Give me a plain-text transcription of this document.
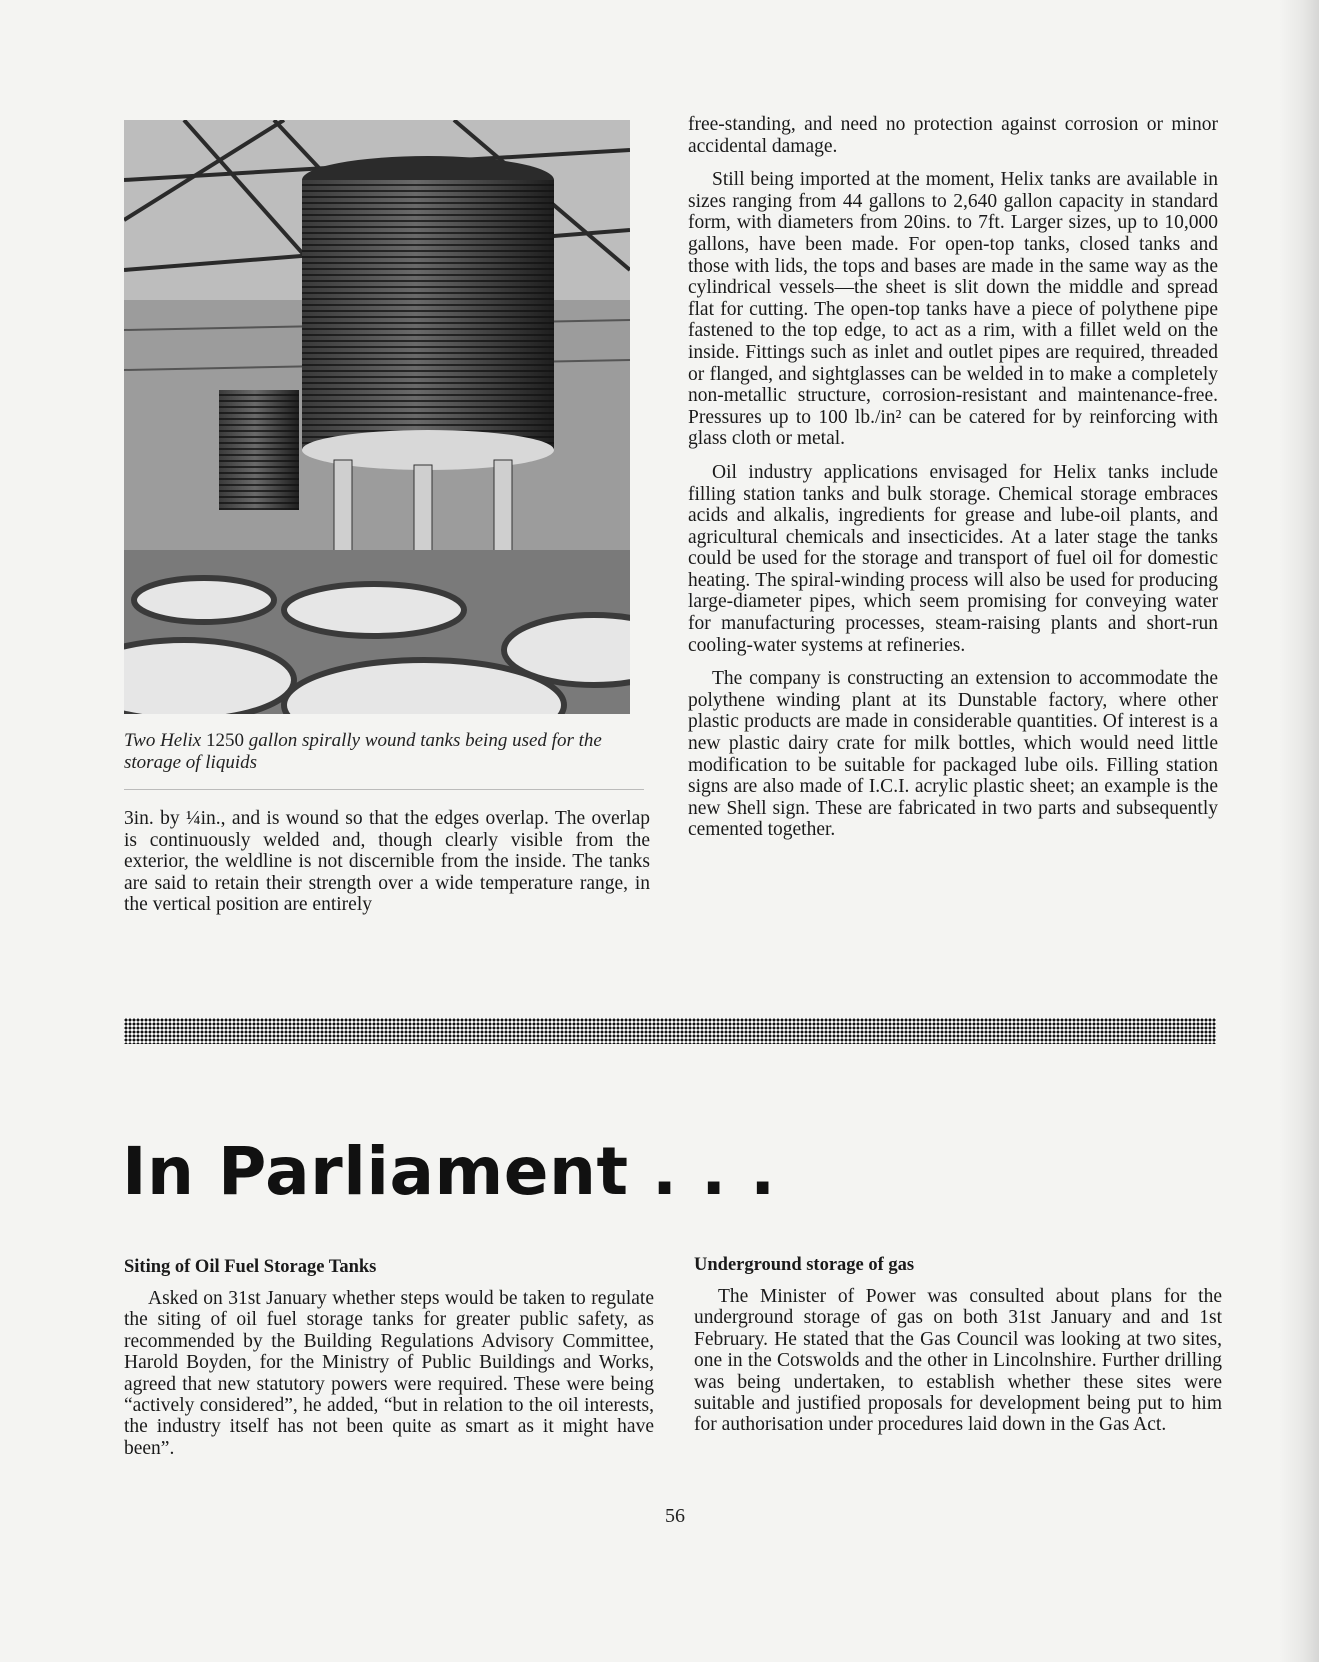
Two Helix 1250 gallon spirally wound tanks being used for the storage of liquids
3in. by ¼in., and is wound so that the edges overlap. The overlap is continuously welded and, though clearly visible from the exterior, the weldline is not discernible from the inside. The tanks are said to retain their strength over a wide temperature range, in the vertical position are entirely

free-standing, and need no protection against corrosion or minor accidental damage.

Still being imported at the moment, Helix tanks are available in sizes ranging from 44 gallons to 2,640 gallon capacity in standard form, with diameters from 20ins. to 7ft. Larger sizes, up to 10,000 gallons, have been made. For open-top tanks, closed tanks and those with lids, the tops and bases are made in the same way as the cylindrical vessels—the sheet is slit down the middle and spread flat for cutting. The open-top tanks have a piece of polythene pipe fastened to the top edge, to act as a rim, with a fillet weld on the inside. Fittings such as inlet and outlet pipes are required, threaded or flanged, and sightglasses can be welded in to make a completely non-metallic structure, corrosion-resistant and maintenance-free. Pressures up to 100 lb./in² can be catered for by reinforcing with glass cloth or metal.

Oil industry applications envisaged for Helix tanks include filling station tanks and bulk storage. Chemical storage embraces acids and alkalis, ingredients for grease and lube-oil plants, and agricultural chemicals and insecticides. At a later stage the tanks could be used for the storage and transport of fuel oil for domestic heating. The spiral-winding process will also be used for producing large-diameter pipes, which seem promising for conveying water for manufacturing processes, steam-raising plants and short-run cooling-water systems at refineries.

The company is constructing an extension to accommodate the polythene winding plant at its Dunstable factory, where other plastic products are made in considerable quantities. Of interest is a new plastic dairy crate for milk bottles, which would need little modification to be suitable for packaged lube oils. Filling station signs are also made of I.C.I. acrylic plastic sheet; an example is the new Shell sign. These are fabricated in two parts and subsequently cemented together.

In Parliament . . .
Siting of Oil Fuel Storage Tanks
Asked on 31st January whether steps would be taken to regulate the siting of oil fuel storage tanks for greater public safety, as recommended by the Building Regulations Advisory Committee, Harold Boyden, for the Ministry of Public Buildings and Works, agreed that new statutory powers were required. These were being “actively considered”, he added, “but in relation to the oil interests, the industry itself has not been quite as smart as it might have been”.
Underground storage of gas
The Minister of Power was consulted about plans for the underground storage of gas on both 31st January and and 1st February. He stated that the Gas Council was looking at two sites, one in the Cotswolds and the other in Lincolnshire. Further drilling was being undertaken, to establish whether these sites were suitable and justified proposals for development being put to him for authorisation under procedures laid down in the Gas Act.
56
